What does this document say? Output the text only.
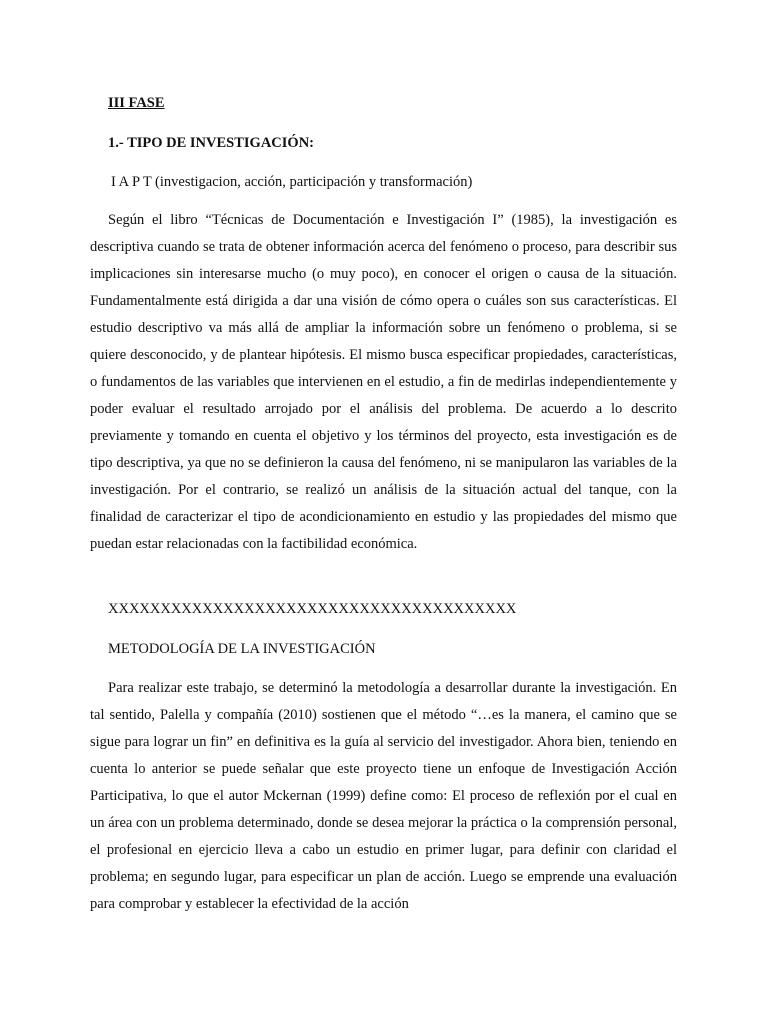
III FASE
1.- TIPO DE INVESTIGACIÓN:
I A P T (investigacion, acción, participación y transformación)

Según el libro “Técnicas de Documentación e Investigación I” (1985), la investigación es descriptiva cuando se trata de obtener información acerca del fenómeno o proceso, para describir sus implicaciones sin interesarse mucho (o muy poco), en conocer el origen o causa de la situación. Fundamentalmente está dirigida a dar una visión de cómo opera o cuáles son sus características. El estudio descriptivo va más allá de ampliar la información sobre un fenómeno o problema, si se quiere desconocido, y de plantear hipótesis. El mismo busca especificar propiedades, características, o fundamentos de las variables que intervienen en el estudio, a fin de medirlas independientemente y poder evaluar el resultado arrojado por el análisis del problema. De acuerdo a lo descrito previamente y tomando en cuenta el objetivo y los términos del proyecto, esta investigación es de tipo descriptiva, ya que no se definieron la causa del fenómeno, ni se manipularon las variables de la investigación. Por el contrario, se realizó un análisis de la situación actual del tanque, con la finalidad de caracterizar el tipo de acondicionamiento en estudio y las propiedades del mismo que puedan estar relacionadas con la factibilidad económica.

XXXXXXXXXXXXXXXXXXXXXXXXXXXXXXXXXXXXXXX
METODOLOGÍA DE LA INVESTIGACIÓN

Para realizar este trabajo, se determinó la metodología a desarrollar durante la investigación. En tal sentido, Palella y compañía (2010) sostienen que el método “…es la manera, el camino que se sigue para lograr un fin” en definitiva es la guía al servicio del investigador. Ahora bien, teniendo en cuenta lo anterior se puede señalar que este proyecto tiene un enfoque de Investigación Acción Participativa, lo que el autor Mckernan (1999) define como: El proceso de reflexión por el cual en un área con un problema determinado, donde se desea mejorar la práctica o la comprensión personal, el profesional en ejercicio lleva a cabo un estudio en primer lugar, para definir con claridad el problema; en segundo lugar, para especificar un plan de acción. Luego se emprende una evaluación para comprobar y establecer la efectividad de la acción
